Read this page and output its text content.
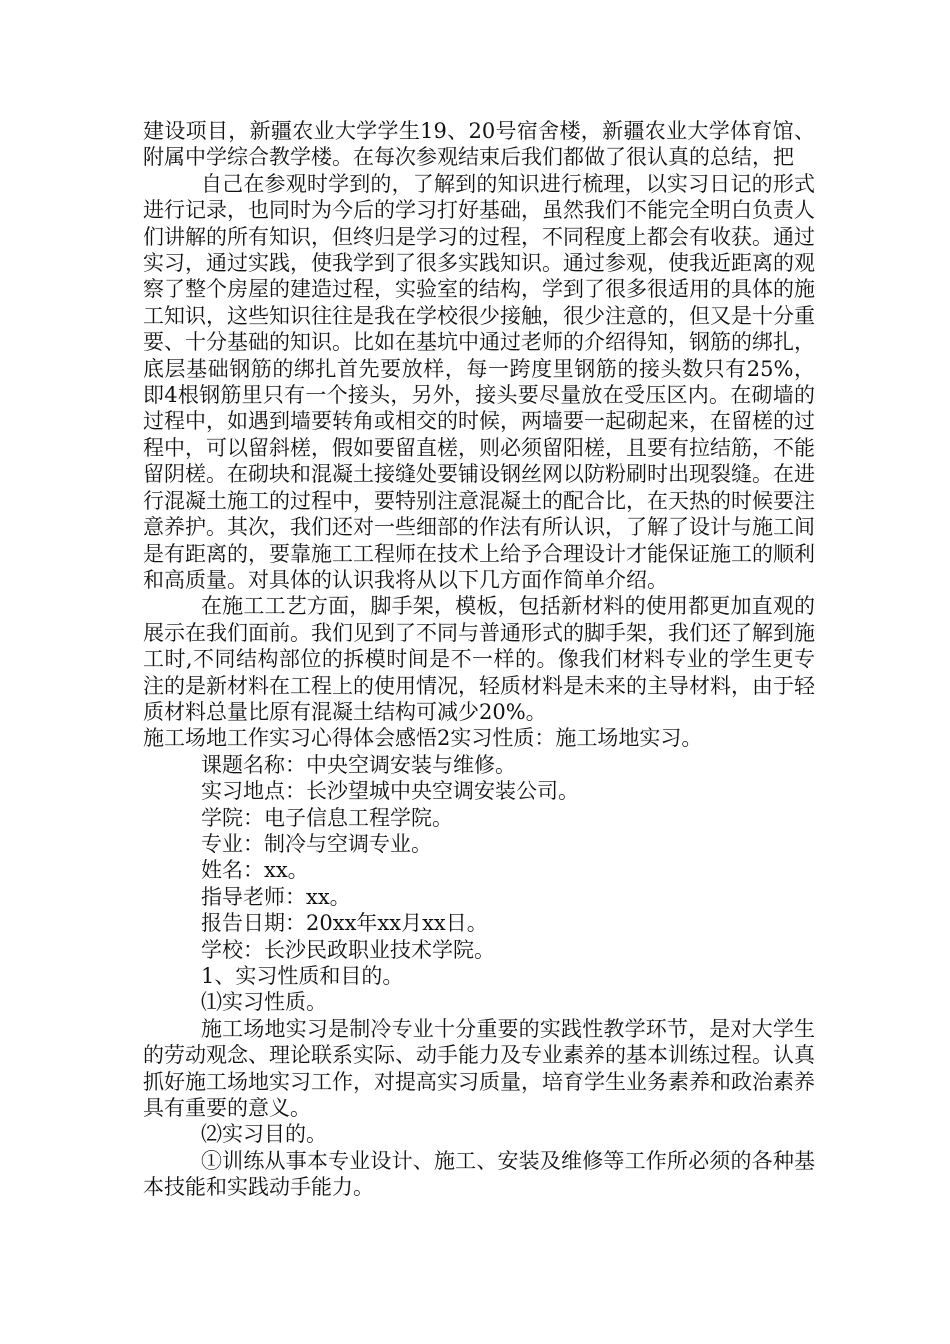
建设项目，新疆农业大学学生19、20号宿舍楼，新疆农业大学体育馆、附属中学综合教学楼。在每次参观结束后我们都做了很认真的总结，把

自己在参观时学到的，了解到的知识进行梳理，以实习日记的形式进行记录，也同时为今后的学习打好基础，虽然我们不能完全明白负责人们讲解的所有知识，但终归是学习的过程，不同程度上都会有收获。通过实习，通过实践，使我学到了很多实践知识。通过参观，使我近距离的观察了整个房屋的建造过程，实验室的结构，学到了很多很适用的具体的施工知识，这些知识往往是我在学校很少接触，很少注意的，但又是十分重要、十分基础的知识。比如在基坑中通过老师的介绍得知，钢筋的绑扎，底层基础钢筋的绑扎首先要放样，每一跨度里钢筋的接头数只有25%，即4根钢筋里只有一个接头，另外，接头要尽量放在受压区内。在砌墙的过程中，如遇到墙要转角或相交的时候，两墙要一起砌起来，在留槎的过程中，可以留斜槎，假如要留直槎，则必须留阳槎，且要有拉结筋，不能留阴槎。在砌块和混凝土接缝处要铺设钢丝网以防粉刷时出现裂缝。在进行混凝土施工的过程中，要特别注意混凝土的配合比，在天热的时候要注意养护。其次，我们还对一些细部的作法有所认识，了解了设计与施工间是有距离的，要靠施工工程师在技术上给予合理设计才能保证施工的顺利和高质量。对具体的认识我将从以下几方面作简单介绍。

在施工工艺方面，脚手架，模板，包括新材料的使用都更加直观的展示在我们面前。我们见到了不同与普通形式的脚手架，我们还了解到施工时,不同结构部位的拆模时间是不一样的。像我们材料专业的学生更专注的是新材料在工程上的使用情况，轻质材料是未来的主导材料，由于轻质材料总量比原有混凝土结构可减少20%。

施工场地工作实习心得体会感悟2实习性质：施工场地实习。

课题名称：中央空调安装与维修。

实习地点：长沙望城中央空调安装公司。

学院：电子信息工程学院。

专业：制冷与空调专业。

姓名：xx。

指导老师：xx。

报告日期：20xx年xx月xx日。

学校：长沙民政职业技术学院。

1、实习性质和目的。

⑴实习性质。

施工场地实习是制冷专业十分重要的实践性教学环节，是对大学生的劳动观念、理论联系实际、动手能力及专业素养的基本训练过程。认真抓好施工场地实习工作，对提高实习质量，培育学生业务素养和政治素养具有重要的意义。

⑵实习目的。

①训练从事本专业设计、施工、安装及维修等工作所必须的各种基本技能和实践动手能力。
